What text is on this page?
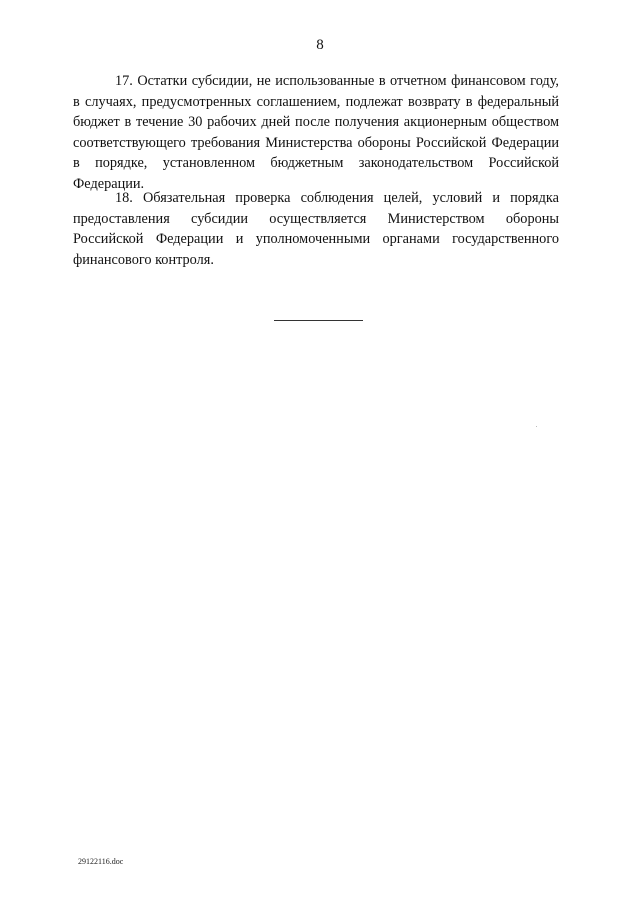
8
17. Остатки субсидии, не использованные в отчетном финансовом году, в случаях, предусмотренных соглашением, подлежат возврату в федеральный бюджет в течение 30 рабочих дней после получения акционерным обществом соответствующего требования Министерства обороны Российской Федерации в порядке, установленном бюджетным законодательством Российской Федерации.
18. Обязательная проверка соблюдения целей, условий и порядка предоставления субсидии осуществляется Министерством обороны Российской Федерации и уполномоченными органами государственного финансового контроля.
29122116.doc
